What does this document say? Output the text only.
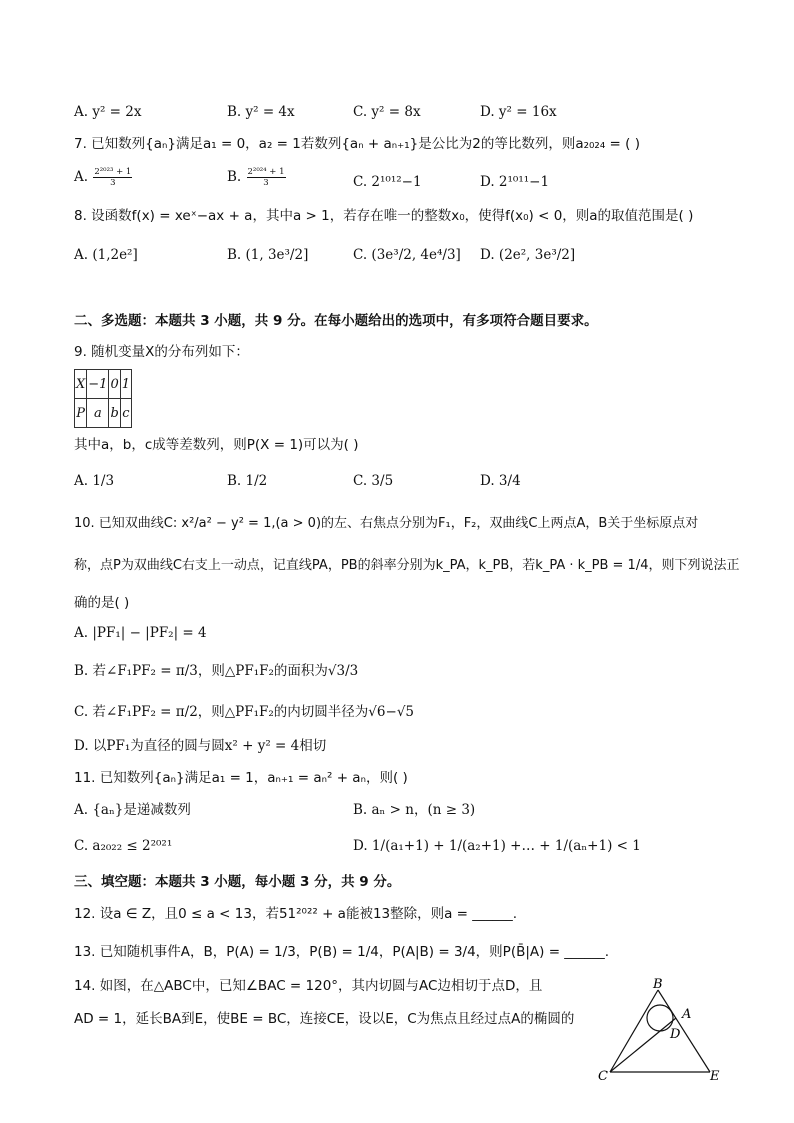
A. y² = 2x	B. y² = 4x	C. y² = 8x	D. y² = 16x
7. 已知数列{aₙ}满足a₁ = 0，a₂ = 1若数列{aₙ + aₙ₊₁}是公比为2的等比数列，则a₂₀₂₄ = ( )
A. $\frac{\text{2²⁰²³ + 1}}{3}$	B. $\frac{\text{2²⁰²⁴ + 1}}{3}$	C. 2¹⁰¹²−1	D. 2¹⁰¹¹−1
8. 设函数f(x) = xeˣ−ax + a，其中a > 1，若存在唯一的整数x₀，使得f(x₀) < 0，则a的取值范围是( )
A. (1,2e²]	B. (1, 3e³/2]	C. (3e³/2, 4e⁴/3] D. (2e², 3e³/2]
二、多选题：本题共 3 小题，共 9 分。在每小题给出的选项中，有多项符合题目要求。
9. 随机变量X的分布列如下：
X	−1	0	1
P	a	b	c
其中a，b，c成等差数列，则P(X = 1)可以为( )
A. 1/3	B. 1/2	C. 3/5	D. 3/4
10. 已知双曲线C: x²/a² − y² = 1,(a > 0)的左、右焦点分别为F₁，F₂，双曲线C上两点A，B关于坐标原点对
称，点P为双曲线C右支上一动点，记直线PA，PB的斜率分别为k_PA，k_PB，若k_PA · k_PB = 1/4，则下列说法正
确的是( )
A. |PF₁| − |PF₂| = 4
B. 若∠F₁PF₂ = π/3，则△PF₁F₂的面积为√3/3
C. 若∠F₁PF₂ = π/2，则△PF₁F₂的内切圆半径为√6−√5
D. 以PF₁为直径的圆与圆x² + y² = 4相切
11. 已知数列{aₙ}满足a₁ = 1，aₙ₊₁ = aₙ² + aₙ，则( )
A. {aₙ}是递减数列	B. aₙ > n，(n ≥ 3)
C. a₂₀₂₂ ≤ 2²⁰²¹	D. 1/(a₁+1) + 1/(a₂+1) +… + 1/(aₙ+1) < 1
三、填空题：本题共 3 小题，每小题 3 分，共 9 分。
12. 设a ∈ Z，且0 ≤ a < 13，若51²⁰²² + a能被13整除，则a = ______.
13. 已知随机事件A，B，P(A) = 1/3，P(B) = 1/4，P(A|B) = 3/4，则P(B̄|A) = ______.
14. 如图，在△ABC中，已知∠BAC = 120°，其内切圆与AC边相切于点D，且
AD = 1，延长BA到E，使BE = BC，连接CE，设以E，C为焦点且经过点A的椭圆的
B
A
D
C	E
